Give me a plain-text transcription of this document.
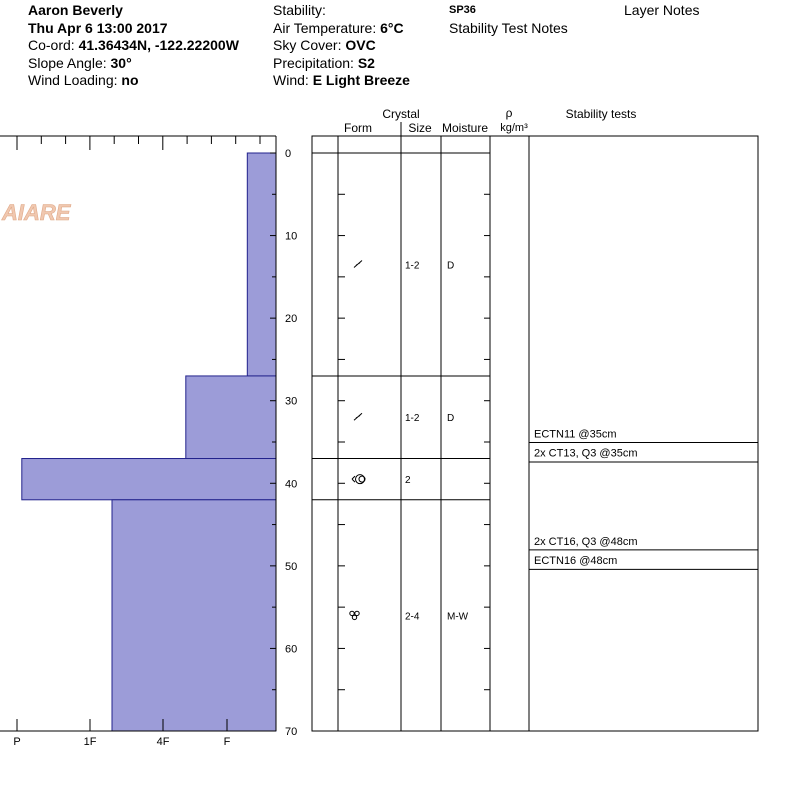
Aaron Beverly
Thu Apr 6 13:00 2017
Co-ord: 41.36434N, -122.22200W
Slope Angle: 30°
Wind Loading: no
Stability:
Air Temperature: 6°C
Sky Cover: OVC
Precipitation: S2
Wind: E Light Breeze
SP36
Stability Test Notes
Layer Notes
Crystal
Form	Size Moisture
ρ
kg/m³
Stability tests
AIARE
P	1F	4F	F
0
10
20
30
40
50
60
70
1-2	D
1-2	D
2
2-4	M-W
ECTN11 @35cm
2x CT13, Q3 @35cm
2x CT16, Q3 @48cm
ECTN16 @48cm
